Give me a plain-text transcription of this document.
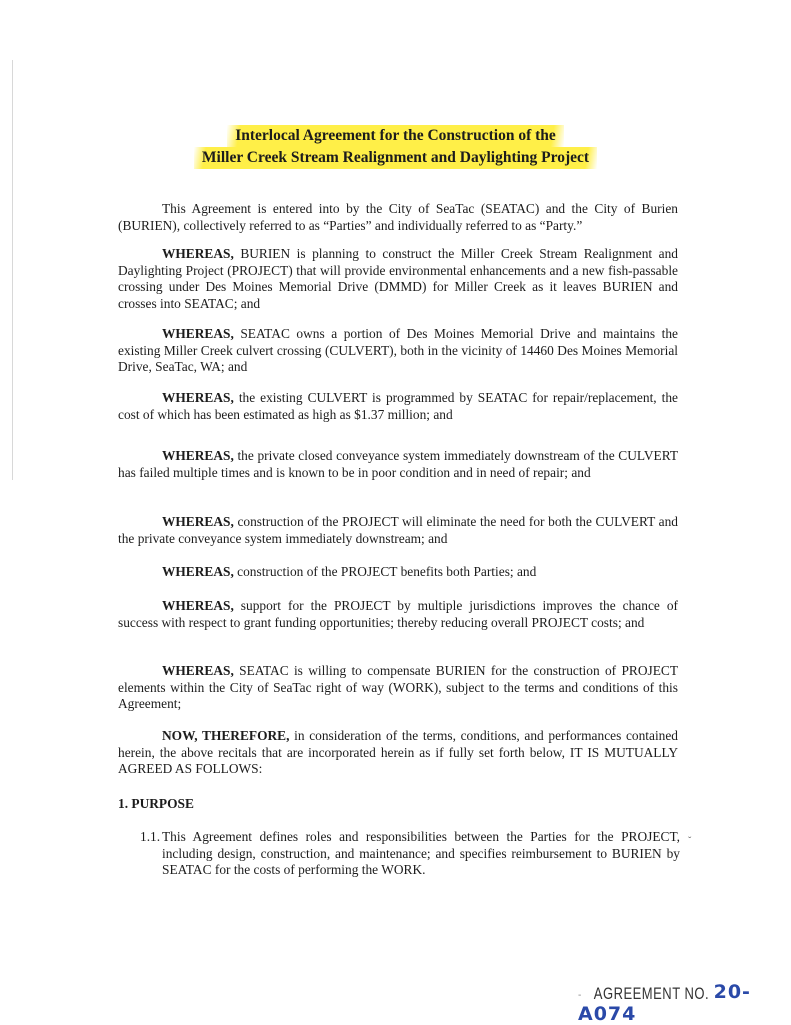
Interlocal Agreement for the Construction of the
Miller Creek Stream Realignment and Daylighting Project

This Agreement is entered into by the City of SeaTac (SEATAC) and the City of Burien (BURIEN), collectively referred to as “Parties” and individually referred to as “Party.”

WHEREAS, BURIEN is planning to construct the Miller Creek Stream Realignment and Daylighting Project (PROJECT) that will provide environmental enhancements and a new fish-passable crossing under Des Moines Memorial Drive (DMMD) for Miller Creek as it leaves BURIEN and crosses into SEATAC; and

WHEREAS, SEATAC owns a portion of Des Moines Memorial Drive and maintains the existing Miller Creek culvert crossing (CULVERT), both in the vicinity of 14460 Des Moines Memorial Drive, SeaTac, WA; and

WHEREAS, the existing CULVERT is programmed by SEATAC for repair/replacement, the cost of which has been estimated as high as $1.37 million; and

WHEREAS, the private closed conveyance system immediately downstream of the CULVERT has failed multiple times and is known to be in poor condition and in need of repair; and

WHEREAS, construction of the PROJECT will eliminate the need for both the CULVERT and the private conveyance system immediately downstream; and

WHEREAS, construction of the PROJECT benefits both Parties; and

WHEREAS, support for the PROJECT by multiple jurisdictions improves the chance of success with respect to grant funding opportunities; thereby reducing overall PROJECT costs; and

WHEREAS, SEATAC is willing to compensate BURIEN for the construction of PROJECT elements within the City of SeaTac right of way (WORK), subject to the terms and conditions of this Agreement;

NOW, THEREFORE, in consideration of the terms, conditions, and performances contained herein, the above recitals that are incorporated herein as if fully set forth below, IT IS MUTUALLY AGREED AS FOLLOWS:

1. PURPOSE
1.1. This Agreement defines roles and responsibilities between the Parties for the PROJECT, including design, construction, and maintenance; and specifies reimbursement to BURIEN by SEATAC for the costs of performing the WORK.
ˇ
- AGREEMENT NO. 20-A074
